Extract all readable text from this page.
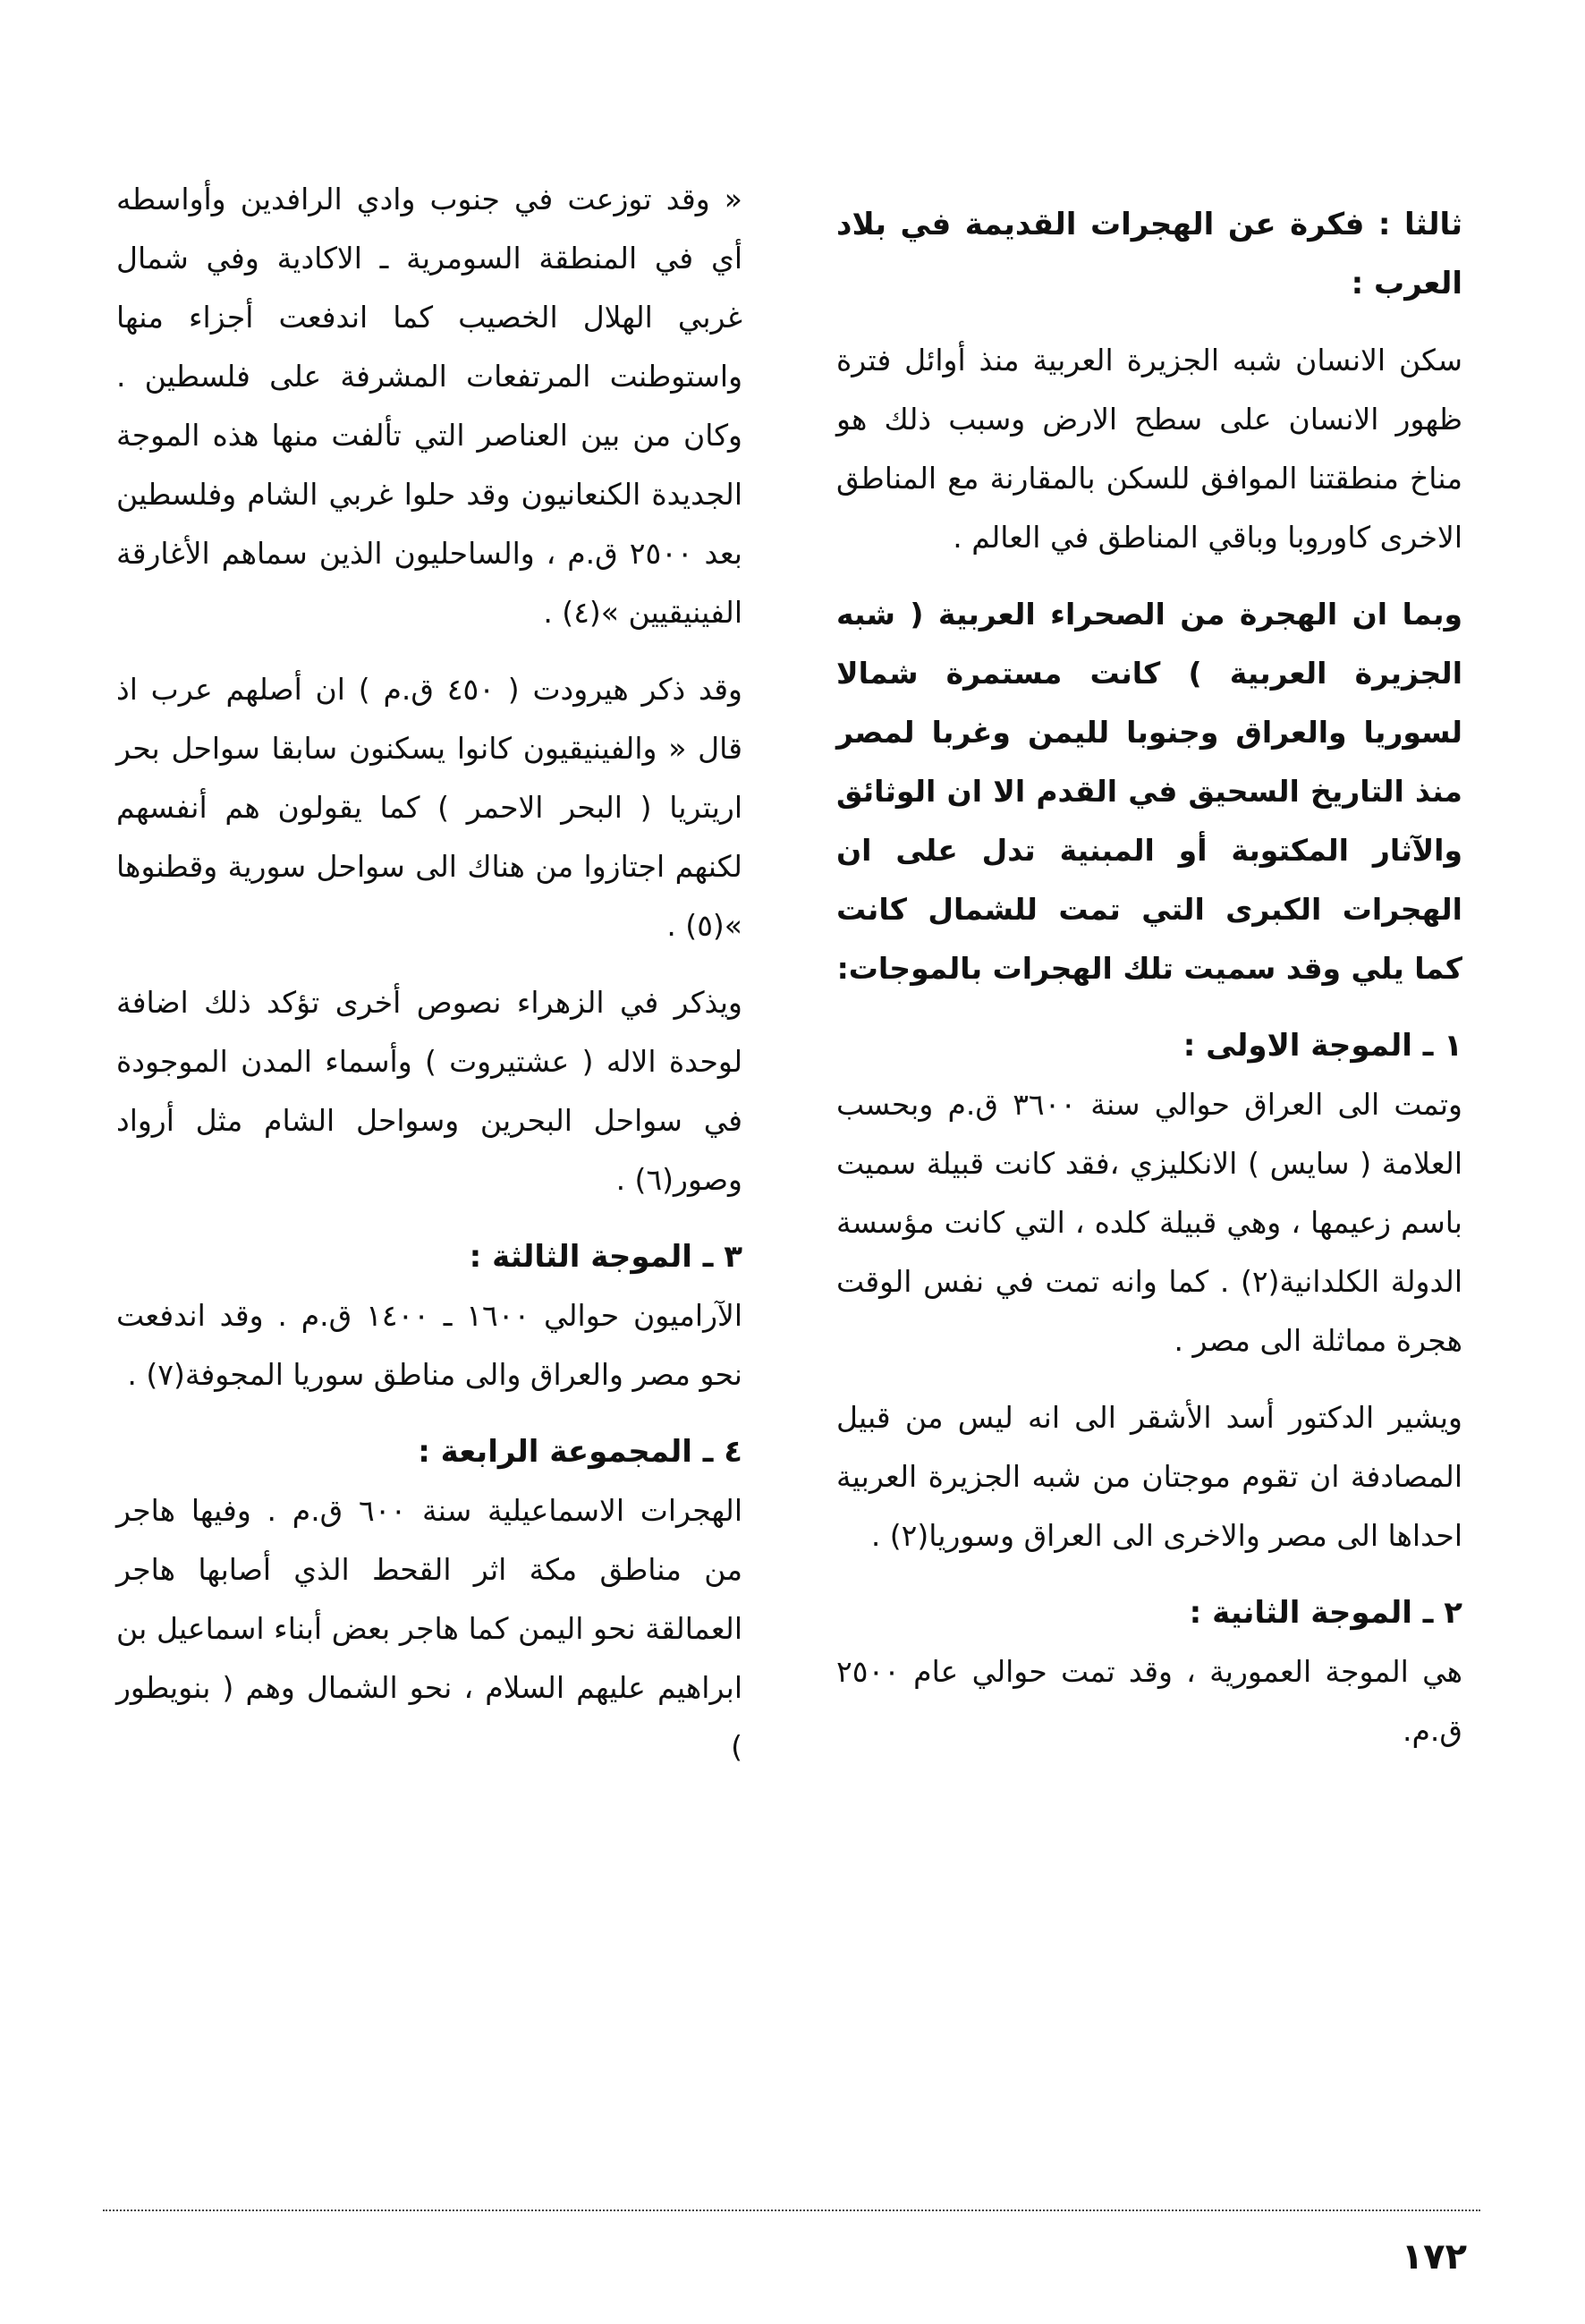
ثالثا : فكرة عن الهجرات القديمة في بلاد العرب :

سكن الانسان شبه الجزيرة العربية منذ أوائل فترة ظهور الانسان على سطح الارض وسبب ذلك هو مناخ منطقتنا الموافق للسكن بالمقارنة مع المناطق الاخرى كاوروبا وباقي المناطق في العالم .

وبما ان الهجرة من الصحراء العربية ( شبه الجزيرة العربية ) كانت مستمرة شمالا لسوريا والعراق وجنوبا لليمن وغربا لمصر منذ التاريخ السحيق في القدم الا ان الوثائق والآثار المكتوبة أو المبنية تدل على ان الهجرات الكبرى التي تمت للشمال كانت كما يلي وقد سميت تلك الهجرات بالموجات:

١ ـ الموجة الاولى :

وتمت الى العراق حوالي سنة ٣٦٠٠ ق.م وبحسب العلامة ( سايس ) الانكليزي ،فقد كانت قبيلة سميت باسم زعيمها ، وهي قبيلة كلده ، التي كانت مؤسسة الدولة الكلدانية(٢) . كما وانه تمت في نفس الوقت هجرة مماثلة الى مصر .

ويشير الدكتور أسد الأشقر الى انه ليس من قبيل المصادفة ان تقوم موجتان من شبه الجزيرة العربية احداها الى مصر والاخرى الى العراق وسوريا(٢) .

٢ ـ الموجة الثانية :

هي الموجة العمورية ، وقد تمت حوالي عام ٢٥٠٠ ق.م.

« وقد توزعت في جنوب وادي الرافدين وأواسطه أي في المنطقة السومرية ـ الاكادية وفي شمال غربي الهلال الخصيب كما اندفعت أجزاء منها واستوطنت المرتفعات المشرفة على فلسطين . وكان من بين العناصر التي تألفت منها هذه الموجة الجديدة الكنعانيون وقد حلوا غربي الشام وفلسطين بعد ٢٥٠٠ ق.م ، والساحليون الذين سماهم الأغارقة الفينيقيين »(٤) .

وقد ذكر هيرودت ( ٤٥٠ ق.م ) ان أصلهم عرب اذ قال « والفينيقيون كانوا يسكنون سابقا سواحل بحر اريتريا ( البحر الاحمر ) كما يقولون هم أنفسهم لكنهم اجتازوا من هناك الى سواحل سورية وقطنوها »(٥) .

ويذكر في الزهراء نصوص أخرى تؤكد ذلك اضافة لوحدة الاله ( عشتيروت ) وأسماء المدن الموجودة في سواحل البحرين وسواحل الشام مثل أرواد وصور(٦) .

٣ ـ الموجة الثالثة :

الآراميون حوالي ١٦٠٠ ـ ١٤٠٠ ق.م . وقد اندفعت نحو مصر والعراق والى مناطق سوريا المجوفة(٧) .

٤ ـ المجموعة الرابعة :

الهجرات الاسماعيلية سنة ٦٠٠ ق.م . وفيها هاجر من مناطق مكة اثر القحط الذي أصابها هاجر العمالقة نحو اليمن كما هاجر بعض أبناء اسماعيل بن ابراهيم عليهم السلام ، نحو الشمال وهم ( بنويطور )

١٧٢
